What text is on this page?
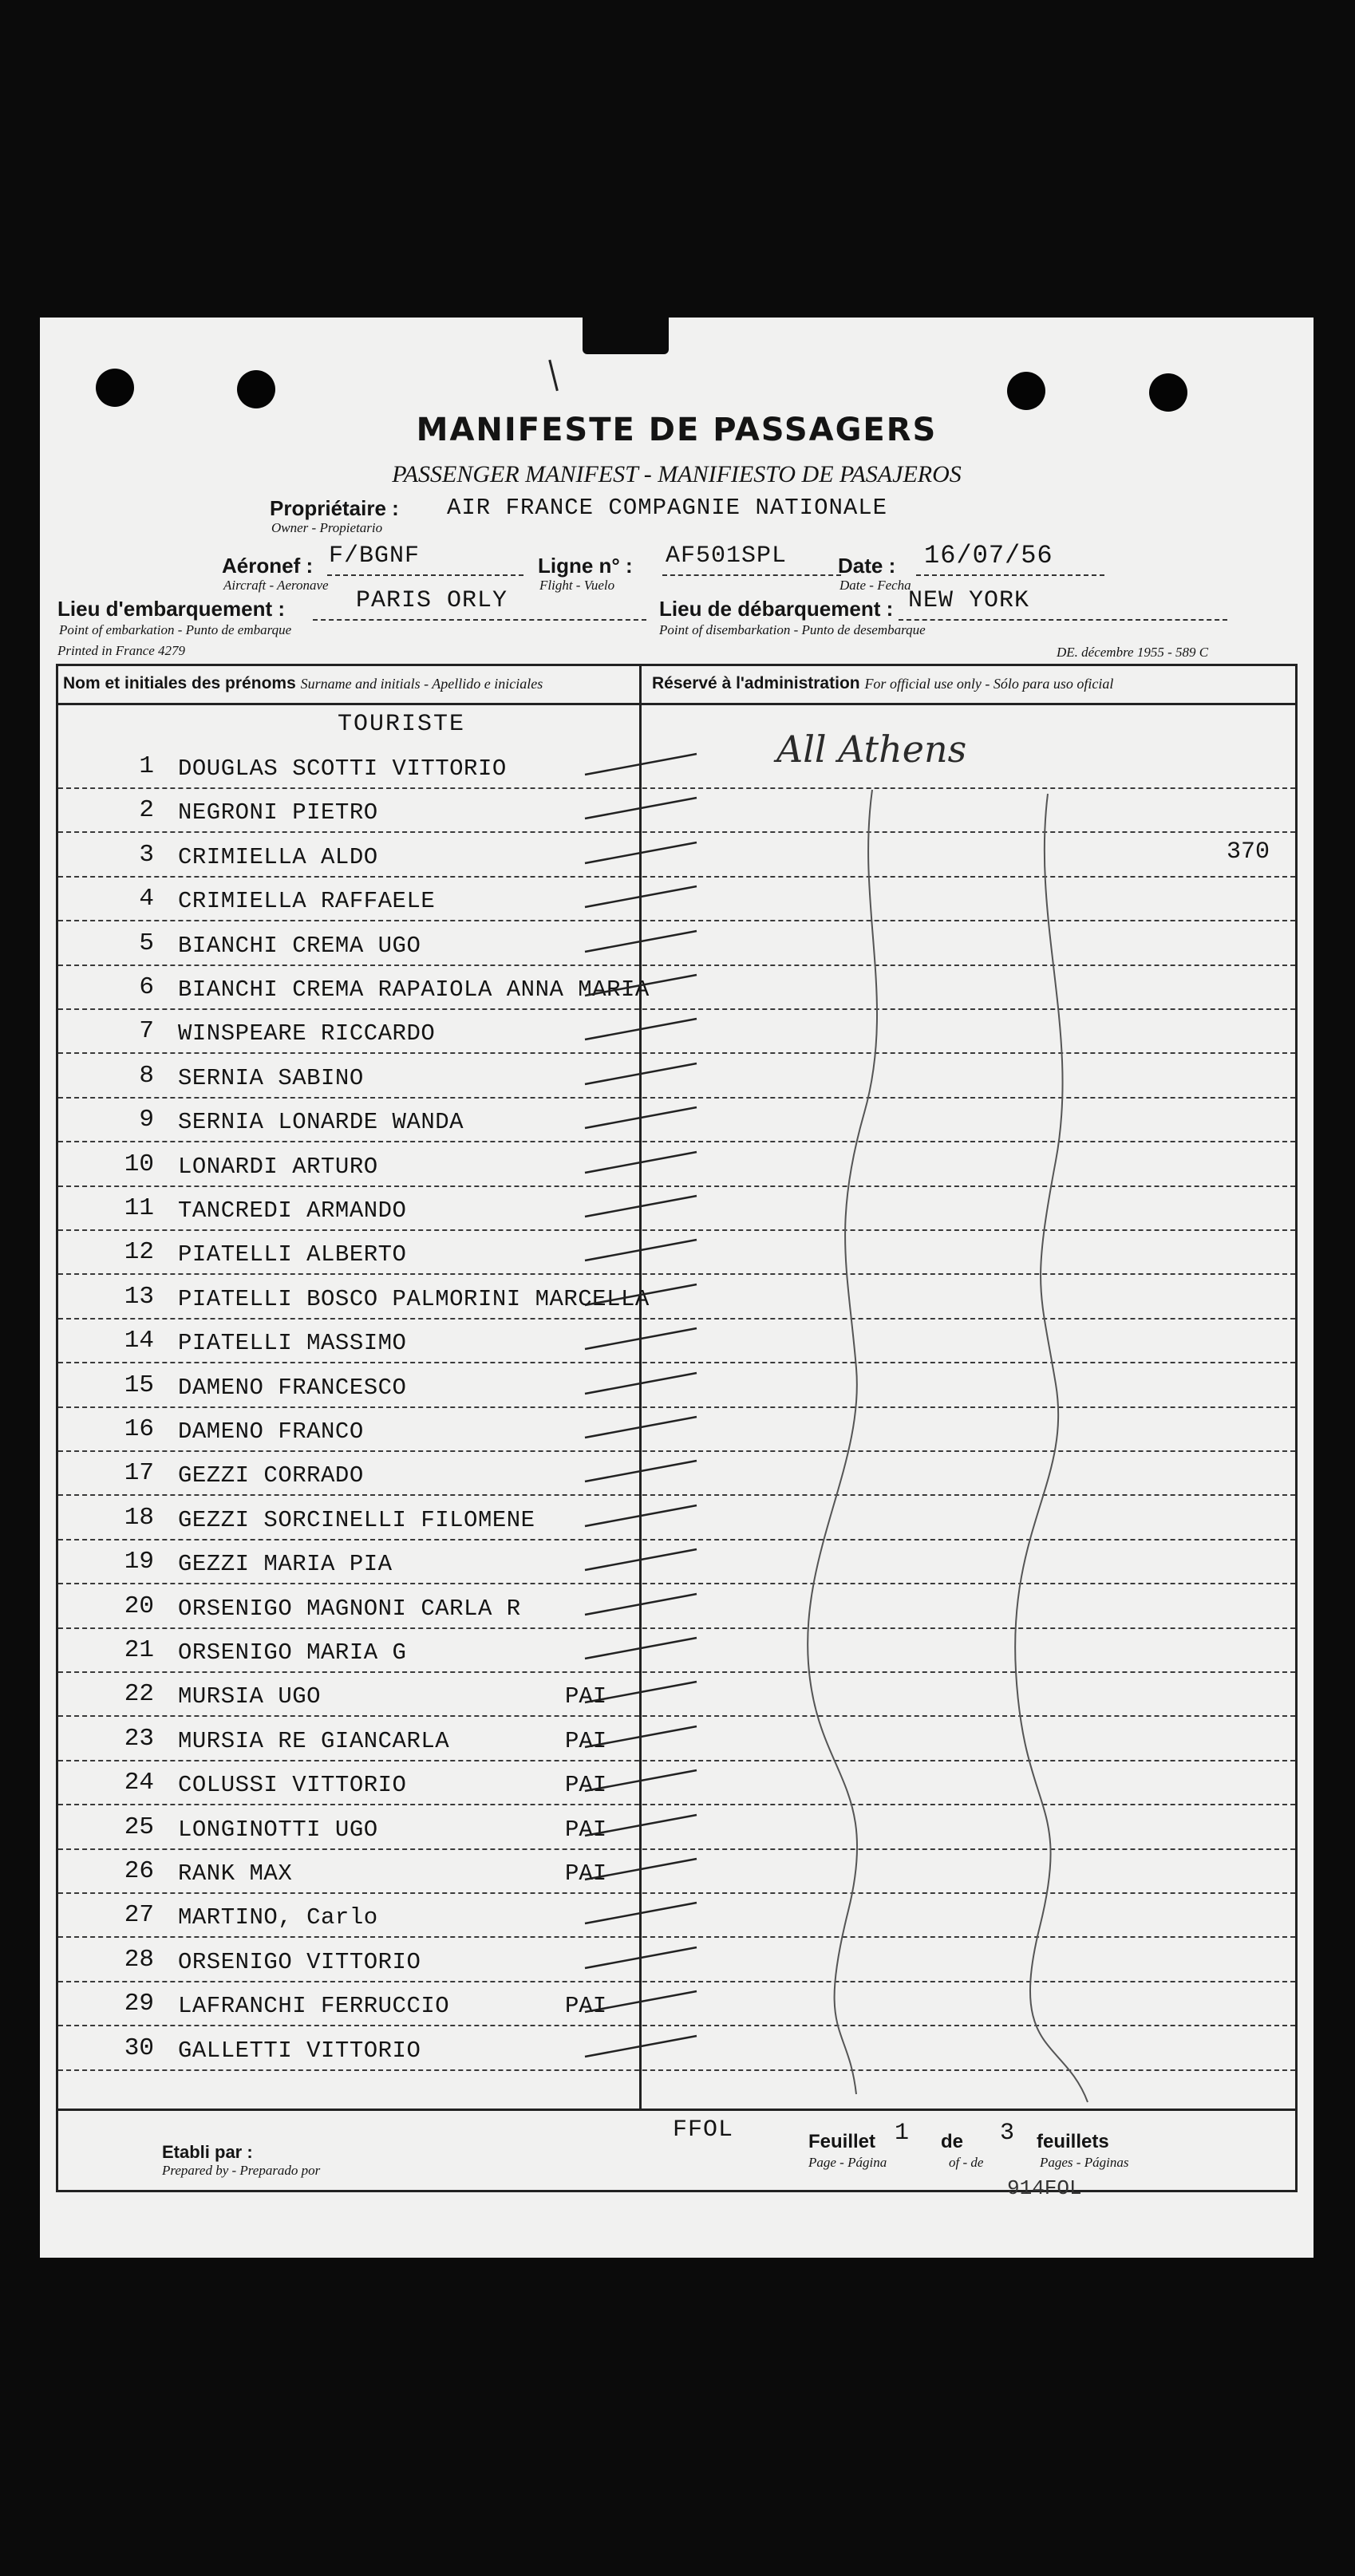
MANIFESTE DE PASSAGERS
PASSENGER MANIFEST - MANIFIESTO DE PASAJEROS
Propriétaire :
Owner - Propietario
AIR FRANCE COMPAGNIE NATIONALE
Aéronef :
Aircraft - Aeronave
F/BGNF	Ligne n° :
Flight - Vuelo
AF501SPL Date :
Date - Fecha
16/07/56
Lieu d'embarquement :
Point of embarkation - Punto de embarque
PARIS ORLY	Lieu de débarquement :
Point of disembarkation - Punto de desembarque
NEW YORK
Printed in France 4279	DE. décembre 1955 - 589 C
Nom et initiales des prénoms Surname and initials - Apellido e iniciales	Réservé à l'administration For official use only - Sólo para uso oficial
TOURISTE
1 DOUGLAS SCOTTI VITTORIO
2 NEGRONI PIETRO
3 CRIMIELLA ALDO
4 CRIMIELLA RAFFAELE
5 BIANCHI CREMA UGO
6 BIANCHI CREMA RAPAIOLA ANNA MARIA
7 WINSPEARE RICCARDO
8 SERNIA SABINO
9 SERNIA LONARDE WANDA
10 LONARDI ARTURO
11 TANCREDI ARMANDO
12 PIATELLI ALBERTO
13 PIATELLI BOSCO PALMORINI MARCELLA
14 PIATELLI MASSIMO
15 DAMENO FRANCESCO
16 DAMENO FRANCO
17 GEZZI CORRADO
18 GEZZI SORCINELLI FILOMENE
19 GEZZI MARIA PIA
20 ORSENIGO MAGNONI CARLA R
21 ORSENIGO MARIA G
22 MURSIA UGO	PAI
23 MURSIA RE GIANCARLA	PAI
24 COLUSSI VITTORIO	PAI
25 LONGINOTTI UGO	PAI
26 RANK MAX	PAI
27 MARTINO, Carlo
28 ORSENIGO VITTORIO
29 LAFRANCHI FERRUCCIO	PAI
30 GALLETTI VITTORIO
370
All Athens
Etabli par :
Prepared by - Preparado por
FFOL	Feuillet 1 de 3 feuillets
Page - Página	of - de	Pages - Páginas
914FOL
